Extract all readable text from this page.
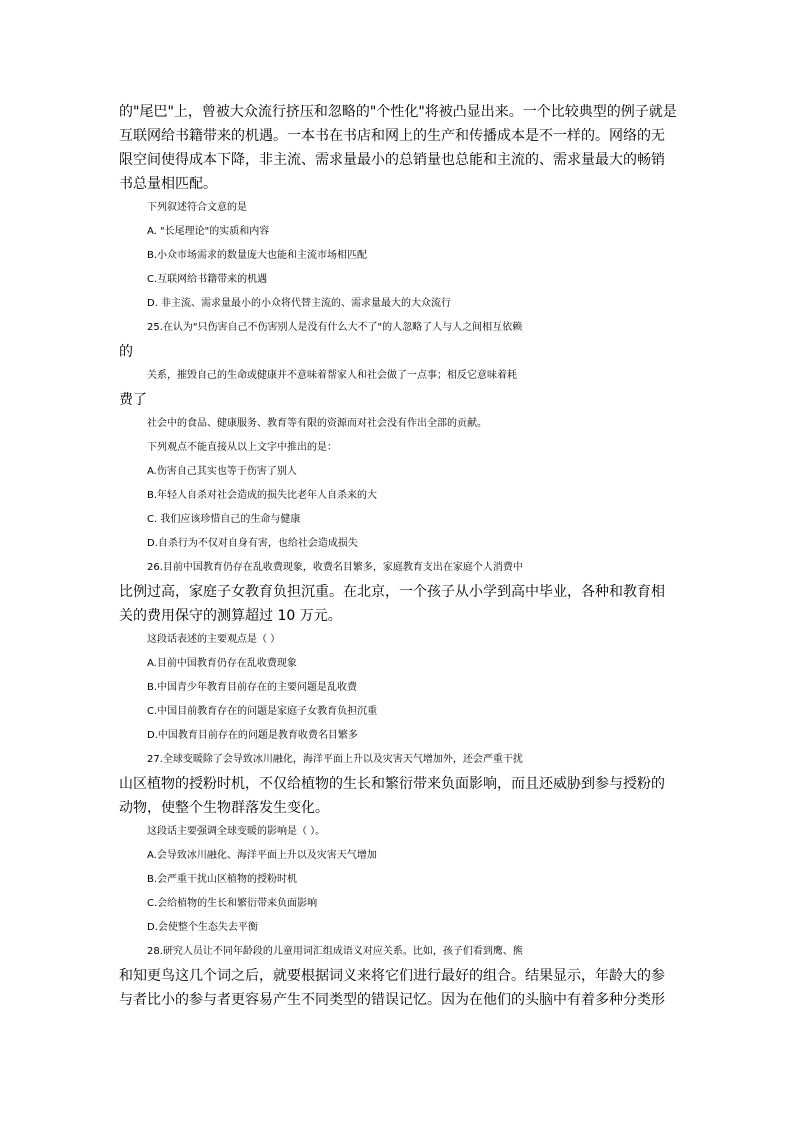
的"尾巴"上，曾被大众流行挤压和忽略的"个性化"将被凸显出来。一个比较典型的例子就是

互联网给书籍带来的机遇。一本书在书店和网上的生产和传播成本是不一样的。网络的无

限空间使得成本下降，非主流、需求量最小的总销量也总能和主流的、需求量最大的畅销

书总量相匹配。

下列叙述符合文意的是

A. "长尾理论"的实质和内容

B.小众市场需求的数量庞大也能和主流市场相匹配

C.互联网给书籍带来的机遇

D. 非主流、需求量最小的小众将代替主流的、需求量最大的大众流行

25.在认为"只伤害自己不伤害别人是没有什么大不了"的人忽略了人与人之间相互依赖

的

关系，摧毁自己的生命或健康并不意味着帮家人和社会做了一点事；相反它意味着耗

费了

社会中的食品、健康服务、教育等有限的资源而对社会没有作出全部的贡献。

下列观点不能直接从以上文字中推出的是：

A.伤害自己其实也等于伤害了别人

B.年轻人自杀对社会造成的损失比老年人自杀来的大

C. 我们应该珍惜自己的生命与健康

D.自杀行为不仅对自身有害，也给社会造成损失

26.目前中国教育仍存在乱收费现象，收费名目繁多，家庭教育支出在家庭个人消费中

比例过高，家庭子女教育负担沉重。在北京，一个孩子从小学到高中毕业，各种和教育相

关的费用保守的测算超过 10 万元。

这段话表述的主要观点是（ ）

A.目前中国教育仍存在乱收费现象

B.中国青少年教育目前存在的主要问题是乱收费

C.中国目前教育存在的问题是家庭子女教育负担沉重

D.中国教育目前存在的问题是教育收费名目繁多

27.全球变暖除了会导致冰川融化，海洋平面上升以及灾害天气增加外，还会严重干扰

山区植物的授粉时机，不仅给植物的生长和繁衍带来负面影响，而且还威胁到参与授粉的

动物，使整个生物群落发生变化。

这段话主要强调全球变暖的影响是（ ）。

A.会导致冰川融化、海洋平面上升以及灾害天气增加

B.会严重干扰山区植物的授粉时机

C.会给植物的生长和繁衍带来负面影响

D.会使整个生态失去平衡

28.研究人员让不同年龄段的儿童用词汇组成语义对应关系。比如，孩子们看到鹰、熊

和知更鸟这几个词之后，就要根据词义来将它们进行最好的组合。结果显示，年龄大的参

与者比小的参与者更容易产生不同类型的错误记忆。因为在他们的头脑中有着多种分类形
